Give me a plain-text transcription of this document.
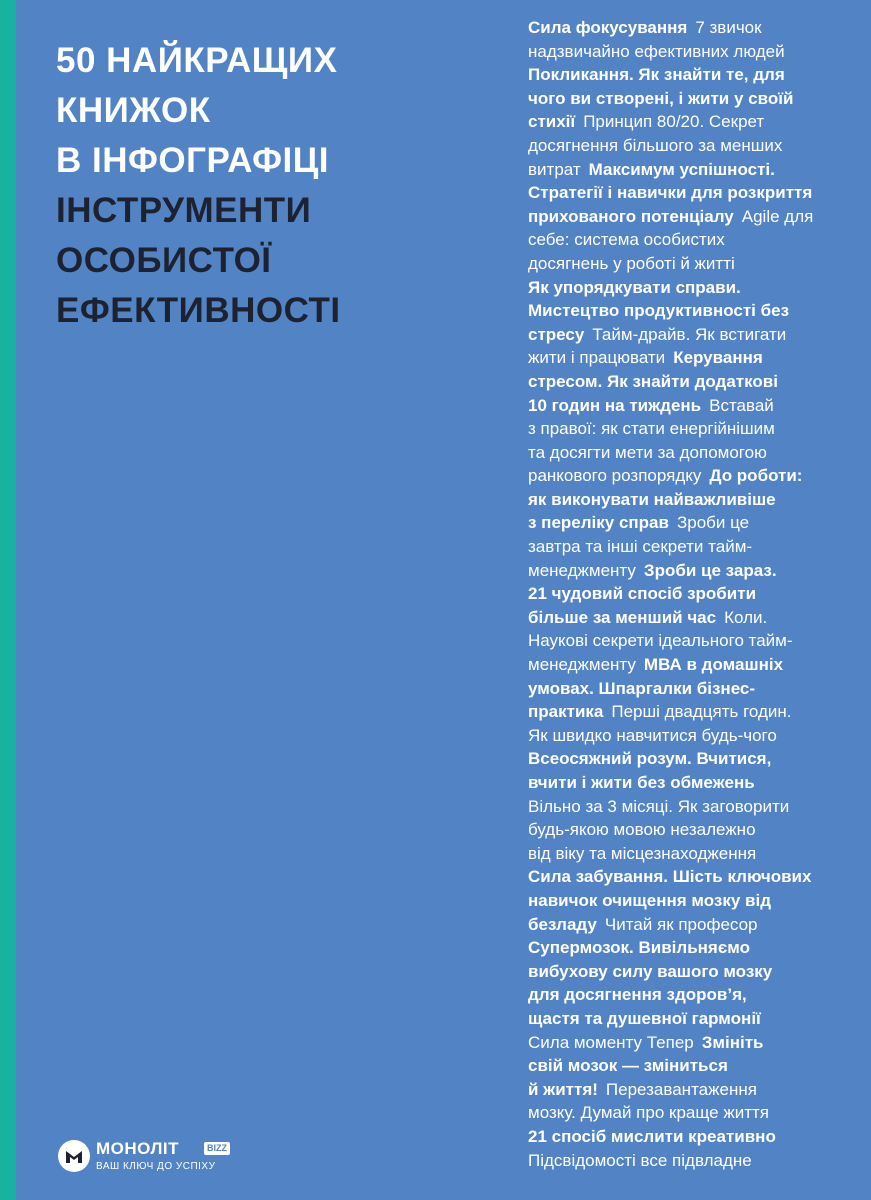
50 НАЙКРАЩИХ
КНИЖОК
В ІНФОГРАФІЦІ
ІНСТРУМЕНТИ
ОСОБИСТОЇ
ЕФЕКТИВНОСТІ
Сила фокусування 7 звичок
надзвичайно ефективних людей
Покликання. Як знайти те, для
чого ви створені, і жити у своїй
стихії Принцип 80/20. Секрет
досягнення більшого за менших
витрат Максимум успішності.
Стратегії і навички для розкриття
прихованого потенціалу Agile для
себе: система особистих
досягнень у роботі й житті
Як упорядкувати справи.
Мистецтво продуктивності без
стресу Тайм-драйв. Як встигати
жити і працювати Керування
стресом. Як знайти додаткові
10 годин на тиждень Вставай
з правої: як стати енергійнішим
та досягти мети за допомогою
ранкового розпорядку До роботи:
як виконувати найважливіше
з переліку справ Зроби це
завтра та інші секрети тайм-
менеджменту Зроби це зараз.
21 чудовий спосіб зробити
більше за менший час Коли.
Наукові секрети ідеального тайм-
менеджменту МВА в домашніх
умовах. Шпаргалки бізнес-
практика Перші двадцять годин.
Як швидко навчитися будь-чого
Всеосяжний розум. Вчитися,
вчити і жити без обмежень
Вільно за 3 місяці. Як заговорити
будь-якою мовою незалежно
від віку та місцезнаходження
Сила забування. Шість ключових
навичок очищення мозку від
безладу Читай як професор
Супермозок. Вивільняємо
вибухову силу вашого мозку
для досягнення здоров’я,
щастя та душевної гармонії
Сила моменту Тепер Змініть
свій мозок — зміниться
й життя! Перезавантаження
мозку. Думай про краще життя
21 спосіб мислити креативно
Підсвідомості все підвладне
МОНОЛІТ	BIZZ
ВАШ КЛЮЧ ДО УСПІХУ
